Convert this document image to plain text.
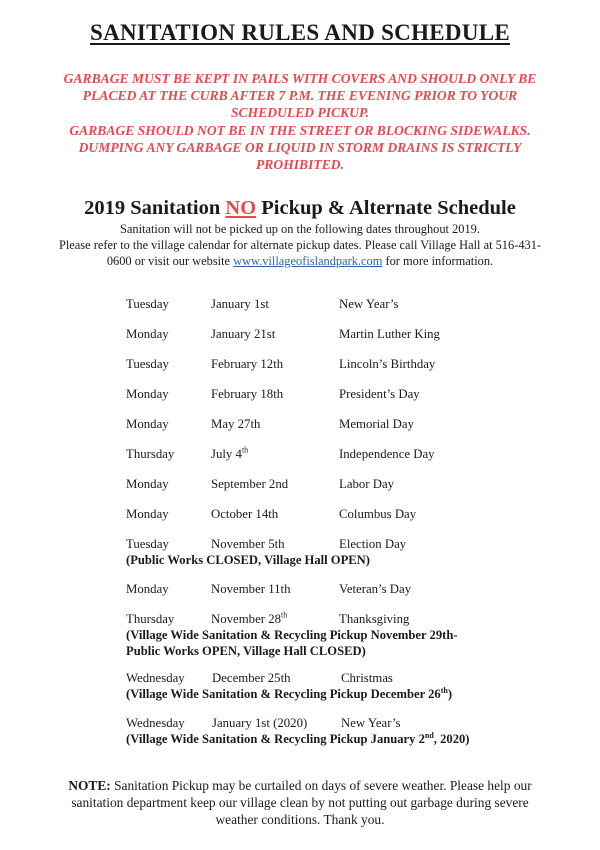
SANITATION RULES AND SCHEDULE
GARBAGE MUST BE KEPT IN PAILS WITH COVERS AND SHOULD ONLY BE
PLACED AT THE CURB AFTER 7 P.M. THE EVENING PRIOR TO YOUR
SCHEDULED PICKUP.
GARBAGE SHOULD NOT BE IN THE STREET OR BLOCKING SIDEWALKS.
DUMPING ANY GARBAGE OR LIQUID IN STORM DRAINS IS STRICTLY
PROHIBITED.
2019 Sanitation NO Pickup & Alternate Schedule
Sanitation will not be picked up on the following dates throughout 2019.
Please refer to the village calendar for alternate pickup dates. Please call Village Hall at 516-431-
0600 or visit our website www.villageofislandpark.com for more information.
Tuesday	January 1st	New Year’s
Monday	January 21st	Martin Luther King
Tuesday	February 12th	Lincoln’s Birthday
Monday	February 18th	President’s Day
Monday	May 27th	Memorial Day
Thursday	July 4th	Independence Day
Monday	September 2nd	Labor Day
Monday	October 14th	Columbus Day
Tuesday	November 5th	Election Day
(Public Works CLOSED, Village Hall OPEN)
Monday	November 11th	Veteran’s Day
Thursday	November 28th	Thanksgiving
(Village Wide Sanitation & Recycling Pickup November 29th-
Public Works OPEN, Village Hall CLOSED)
Wednesday December 25th	Christmas
(Village Wide Sanitation & Recycling Pickup December 26th)
Wednesday January 1st (2020)	New Year’s
(Village Wide Sanitation & Recycling Pickup January 2nd, 2020)
NOTE: Sanitation Pickup may be curtailed on days of severe weather. Please help our
sanitation department keep our village clean by not putting out garbage during severe
weather conditions. Thank you.
